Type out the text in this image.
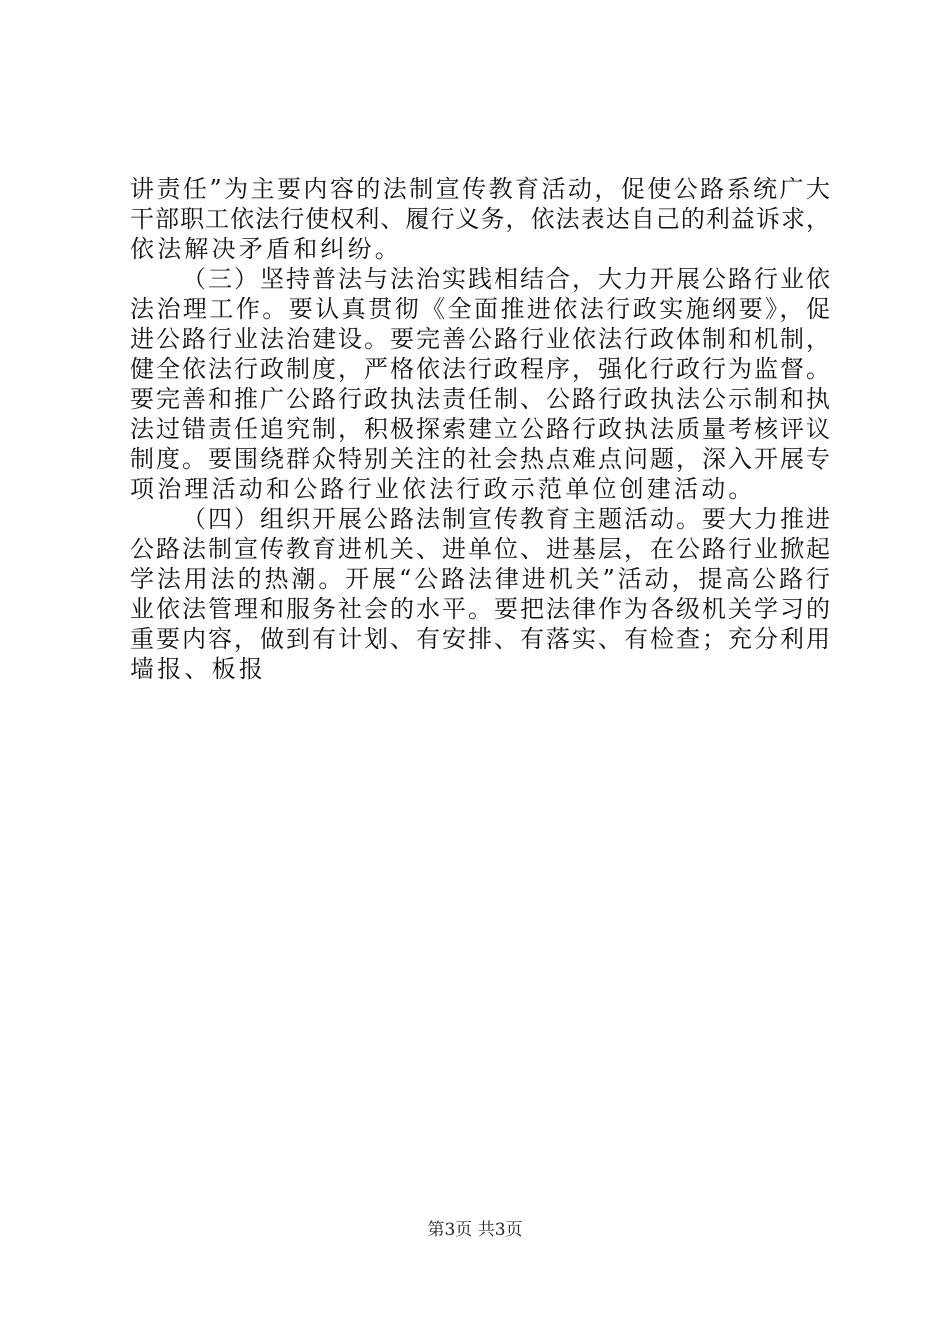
讲责任”为主要内容的法制宣传教育活动，促使公路系统广大
干部职工依法行使权利、履行义务，依法表达自己的利益诉求，
依法解决矛盾和纠纷。
（三）坚持普法与法治实践相结合，大力开展公路行业依
法治理工作。要认真贯彻《全面推进依法行政实施纲要》，促
进公路行业法治建设。要完善公路行业依法行政体制和机制，
健全依法行政制度，严格依法行政程序，强化行政行为监督。
要完善和推广公路行政执法责任制、公路行政执法公示制和执
法过错责任追究制，积极探索建立公路行政执法质量考核评议
制度。要围绕群众特别关注的社会热点难点问题，深入开展专
项治理活动和公路行业依法行政示范单位创建活动。
（四）组织开展公路法制宣传教育主题活动。要大力推进
公路法制宣传教育进机关、进单位、进基层，在公路行业掀起
学法用法的热潮。开展“公路法律进机关”活动，提高公路行
业依法管理和服务社会的水平。要把法律作为各级机关学习的
重要内容，做到有计划、有安排、有落实、有检查；充分利用
墙报、板报
第3页 共3页
